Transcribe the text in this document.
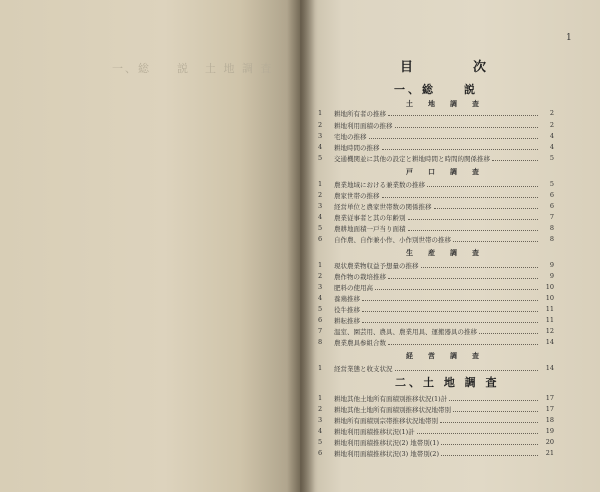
一、総　　説 土 地 調 査
1
目	次
一、総　　説
土　地　調　査
1	耕地所有者の推移	2
2	耕地利用面積の推移	2
3	宅地の推移	4
4	耕地時間の推移	4
5	交通機関並に其他の設定と耕地時間と時間的関係推移	5
戸　口　調　査
1	農業地域における兼業数の推移	5
2	農家世帯の推移	6
3	経営単位と農家世帯数の関係推移	6
4	農業従事者と其の年齢別	7
5	農耕地面積一戸当り面積	8
6	自作農、自作兼小作、小作別世帯の推移	8
生　産　調　査
1	現状農業物収益予想量の推移	9
2	農作物の栽培推移	9
3	肥料の使用高	10
4	養鶏推移	10
5	役牛推移	11
6	耕耘推移	11
7	温室、園芸用、農具、農業用具、運搬器具の推移	12
8	農業農具参組合数	14
経　営　調　査
1	経営業態と收支状況	14
二、土 地 調 査
1	耕地其他土地所有面積別推移状況(1)計	17
2	耕地其他土地所有面積別推移状況地帯別	17
3	耕地所有面積別宗帯推移状況地帯別	18
4	耕地利用面積推移状況(1)計	19
5	耕地利用面積推移状況(2) 地帯別(1)	20
6	耕地利用面積推移状況(3) 地帯別(2)	21
